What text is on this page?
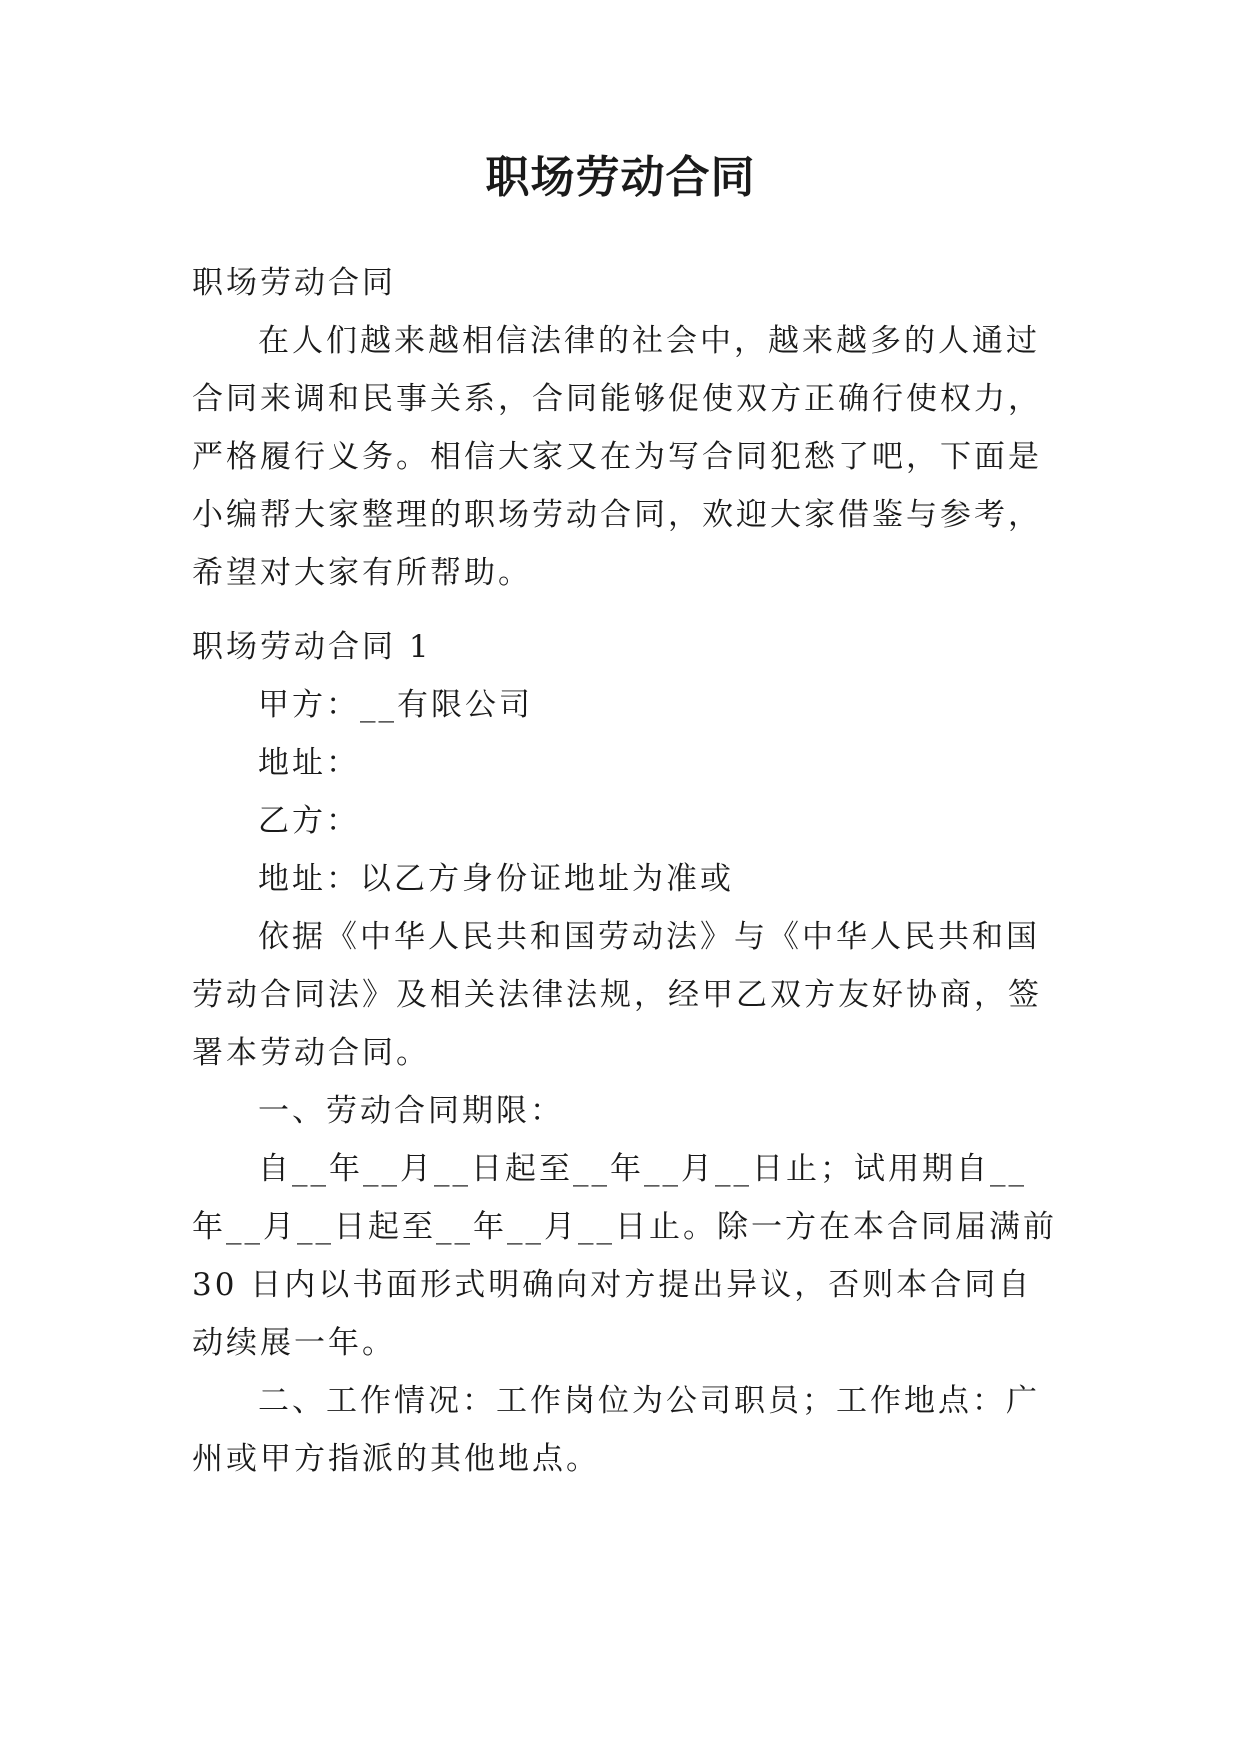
职场劳动合同

职场劳动合同

在人们越来越相信法律的社会中，越来越多的人通过合同来调和民事关系，合同能够促使双方正确行使权力，严格履行义务。相信大家又在为写合同犯愁了吧，下面是小编帮大家整理的职场劳动合同，欢迎大家借鉴与参考，希望对大家有所帮助。

职场劳动合同 1

甲方：__有限公司

地址：

乙方：

地址：以乙方身份证地址为准或

依据《中华人民共和国劳动法》与《中华人民共和国劳动合同法》及相关法律法规，经甲乙双方友好协商，签署本劳动合同。

一、劳动合同期限：

自__年__月__日起至__年__月__日止；试用期自__年__月__日起至__年__月__日止。除一方在本合同届满前 30 日内以书面形式明确向对方提出异议，否则本合同自动续展一年。

二、工作情况：工作岗位为公司职员；工作地点：广州或甲方指派的其他地点。
